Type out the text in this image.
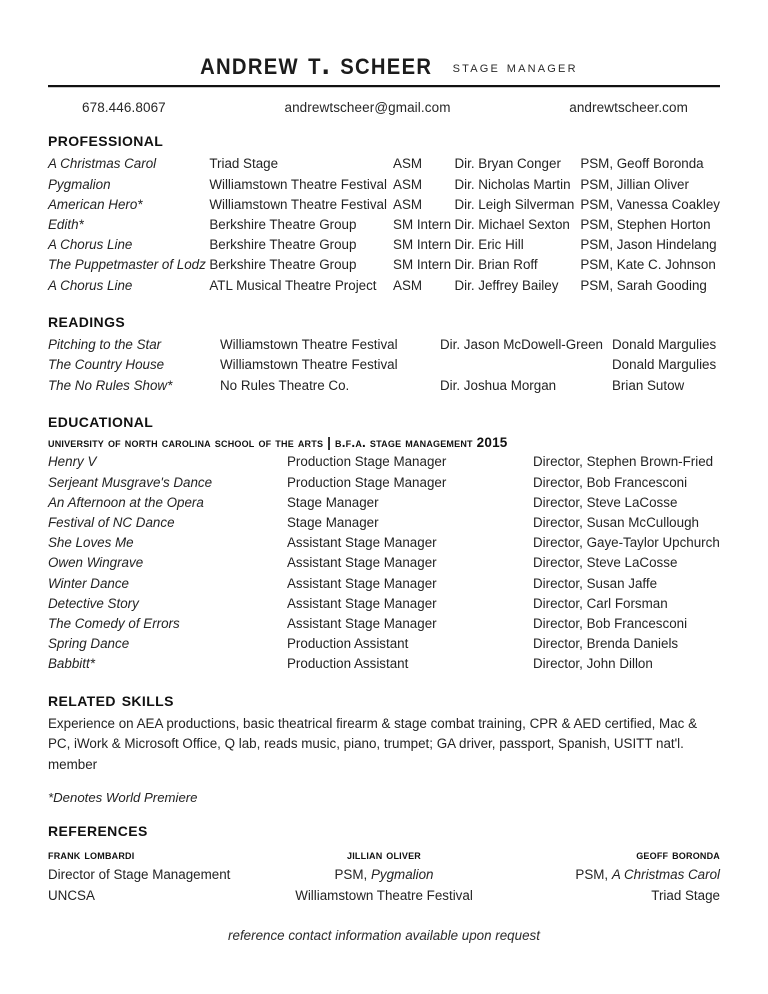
andrew t. scheer stage manager
678.446.8067	andrewtscheer@gmail.com	andrewtscheer.com
professional
A Christmas Carol	Triad Stage	ASM	Dir. Bryan Conger	PSM, Geoff Boronda
Pygmalion	Williamstown Theatre Festival	ASM	Dir. Nicholas Martin	PSM, Jillian Oliver
American Hero*	Williamstown Theatre Festival	ASM	Dir. Leigh Silverman	PSM, Vanessa Coakley
Edith*	Berkshire Theatre Group	SM Intern	Dir. Michael Sexton	PSM, Stephen Horton
A Chorus Line	Berkshire Theatre Group	SM Intern	Dir. Eric Hill	PSM, Jason Hindelang
The Puppetmaster of Lodz	Berkshire Theatre Group	SM Intern	Dir. Brian Roff	PSM, Kate C. Johnson
A Chorus Line	ATL Musical Theatre Project	ASM	Dir. Jeffrey Bailey	PSM, Sarah Gooding
readings
Pitching to the Star	Williamstown Theatre Festival	Dir. Jason McDowell-Green	Donald Margulies
The Country House	Williamstown Theatre Festival		Donald Margulies
The No Rules Show*	No Rules Theatre Co.	Dir. Joshua Morgan	Brian Sutow
educational
university of north carolina school of the arts | b.f.a. stage management 2015
Henry V	Production Stage Manager	Director, Stephen Brown-Fried
Serjeant Musgrave's Dance	Production Stage Manager	Director, Bob Francesconi
An Afternoon at the Opera	Stage Manager	Director, Steve LaCosse
Festival of NC Dance	Stage Manager	Director, Susan McCullough
She Loves Me	Assistant Stage Manager	Director, Gaye-Taylor Upchurch
Owen Wingrave	Assistant Stage Manager	Director, Steve LaCosse
Winter Dance	Assistant Stage Manager	Director, Susan Jaffe
Detective Story	Assistant Stage Manager	Director, Carl Forsman
The Comedy of Errors	Assistant Stage Manager	Director, Bob Francesconi
Spring Dance	Production Assistant	Director, Brenda Daniels
Babbitt*	Production Assistant	Director, John Dillon
related skills
Experience on AEA productions, basic theatrical firearm & stage combat training, CPR & AED certified, Mac & PC, iWork & Microsoft Office, Q lab, reads music, piano, trumpet; GA driver, passport, Spanish, USITT nat'l. member
*Denotes World Premiere
references
frank lombardi
Director of Stage Management
UNCSA
jillian oliver
PSM, Pygmalion
Williamstown Theatre Festival
geoff boronda
PSM, A Christmas Carol
Triad Stage
reference contact information available upon request
